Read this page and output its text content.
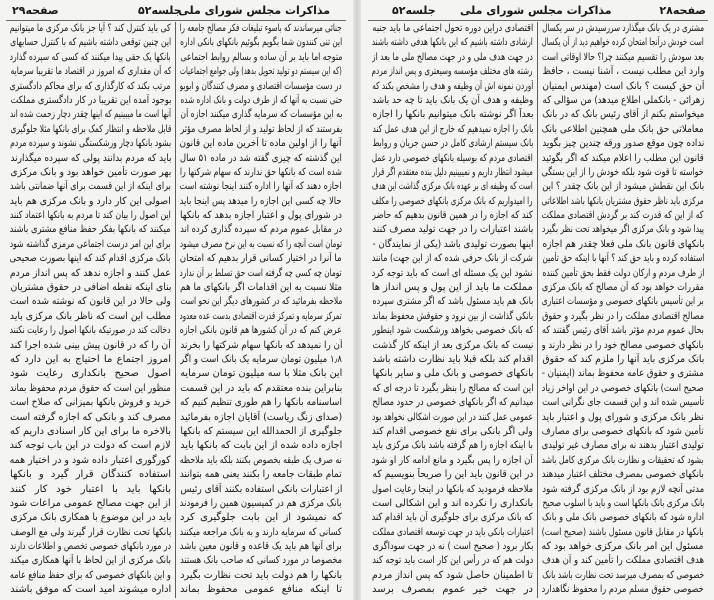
صفحه۲۹	جلسه۵۲
مذاکرات مجلس شورای ملی
جنائی میرساندند که باسوء تبلیغات فکر مصالح جامعه را
این تنی کنندون شما بگویم بگوئیم بانکهای بانکی اداره
متوجه اما باید بر آن ساده و بسالم روابط اجتماعی
(که این سیستم دو تولید تحویل بدهد) ولی جوامع اجتماعیات
در دست مؤسسات اقتصادی و مصرف کنندگان و ابوبو
حتی نسبت به آنها که از طرف دولت و بانک اداره شده
به این مؤسسات که سرمایه گذاری میکنند اجازه آن
بفرستند که از لحاظ تولید و از لحاظ مصرف مؤثر
آنها را از اولین ماده تا آخرین ماده این قانون
این گذشته که چیزی گفته شد در ماده ۵۱ سال
شده است که بانکها حق ندارند که سهام شرکتها را
اجازه دهند که آنها را اداره کنند اینجا نوشته است
حالا چه کسی این اجازه را میدهد پس اینجا باید
در شورای پول و اعتبار اجازه بدهد که بانکها
در مقابل عموم مردم که سپرده گذاری کرده اند
تومان است آنچه را که نسبت به این نرخ مصرف میشود
ما آنرا در اختیار کسانی قرار بدهیم که امتحان
تومان چه کسی چه گرفته است حق تسلط بر آن ندارد
مثلا نسبت به این اقدامات اگر بانکهای ما هم
ملاحظه بفرمائید که در کشورهای دیگر این نحو است
تمرکز سرمایه و تمرکز قدرت اقتصادی بدست عده معدود
عرض کنم که در آن کشورها هم قانون بانکی اجازه
آن را نمیدهد که بانکها سهام شرکتها را بخرند
۱٫۸ میلیون تومان سرمایه یک بانک است و اگر
این بانک مثلا با سه میلیون تومان سرمایه
بنابراین بنده معتقدم که باید در این قسمت
اساسنامه بانکها را هم طوری تنظیم کنیم که
(صدای زنگ ریاست) آقایان اجازه بفرمائید
جلوگیری از الحمدالله این سیستم که بانکها
اجازه داده شده از این بابت که بانکها باید
نه صرف یک طبقه بخصوص بکنند بلکه باید ملاحظه
تمام طبقات جامعه را بکنند یعنی همه بتوانند
از اعتبارات بانکی استفاده بکنند آقای رئیس
بانک مرکزی هم در کمیسیون همین را فرمودند
که نمیشود از این بابت جلوگیری کرد
کسانی که سرمایه دارند و به بانک مراجعه میکنند
برای آنها هم باید یک قاعده و قانون معین باشد
مخصوصا در مورد کسانی که صاحب بانک هستند
بانکها را هم دولت باید تحت نظارت بگیرد
تا اینکه منافع عمومی محفوظ بماند
کی باید کنترل کند ؟ آیا جز بانک مرکزی ما میتوانیم
این چنین توقعی داشته باشیم که با کنترل حسابهای
بانکها یک حقی پیدا میکنند که کسی که سپرده گذارد
که آن مقداری که امروز در اقتصاد ما تقریبا سرمایه
مرتب بکند که کارگذاری که برای محاکم دادگستری
بوجود آمده این تقریبا در کار دادگستری مملکت
آنها است ما میبینیم که اینها چقدر دچار زحمت شده اند
قابل ملاحظه و انتظار کمک برای بانکها مثلا جلوگیری
بشود بانکها دچار ورشکستگی نشوند و سپرده مردم
باید که مردم بدانند پولی که سپرده میگذارند
بهر صورت تأمین خواهد بود و بانک مرکزی
برای اینکه از این قسمت برای آنها ضمانتی باشد
اصولی این کار دارد و بانک مرکزی هم باید
این اصول را بیان کند تا مردم به بانکها اعتماد کنند
میکنند که بانکها بفکر حفظ منافع مشتری باشند
برای این امر درست اجتماعی مرمزی گذاشته شود
بانک مرکزی اقدام کند که اینها بصورت صحیحی
عمل کنند و اجازه ندهد که پس انداز مردم
بنای اینکه نقطه اضافی در حقوق مشتریان
ولی حالا در این قانون که نوشته شده است
مطلب این است که ناظر بانک مرکزی باید
دخالت کند در صورتیکه بانکها اصول را رعایت نکنند
آن را که در قانون پیش بینی شده اجرا کند
امروز اجتماع ما احتیاج به این دارد که
اصول صحیح بانکداری رعایت شود
منظور این است که حقوق مردم محفوظ بماند
خرید و فروش بانکها بمیزانی که صلاح است
مصرف کند و بانکی که اجازه گرفته است
بالاخره ما برای این کار اسنادی داریم که
لازم است که دولت در این باب توجه کند
کورگوری اعتبار داده شود و در اختیار همه
استفاده کنندگان قرار گیرد و بانکها
بانکها باید با اعتبار خود کار کنند
از این جهت مصالح عمومی مراعات شود
باید در این موضوع با همکاری بانک مرکزی
بانکها تحت نظارت قرار گیرند ولی مع الوصف
در مورد بانکهای خصوصی تخصص و اطلاعات دارند
بانک مرکزی از این لحاظ با آنها همکاری میکند
و این بانکهای خصوصی که برای حفظ منافع عامه
اداره میشوند امید است که موفق باشند
جلسه۵۲ مذاکرات مجلس شورای ملی	صفحه۲۸
مشتری در یک بانک میگذارد سررسیدش در سر یکسال
است خودش درآنجا امتحان کرده خواهیم دید از آن یکسال
بعد سودش را تقسیم میکنند چرا؟ حالا اوقاتی است
وارد این مطلب نیست ، آشنا نیست ، حافظ
آن حق کیست ؟ بانک است (مهندس ایمنیان
زهرائی - بانکملی اطلاع میدهد) من سؤالی که
میخواستم بکنم از آقای رئیس بانک که در بانک
معاملاتی حق بانک ملی همچنین اطلاعی بانک
نداده چون موقع صدور ورقه چندین چیز بگوید
قانون این مطلب را اعلام میکند که اگر بگوئید
خواسته تا قوت شود بلکه خودش را از این بستگی
بانک این نقطش میشود از این بانک چقدر ؟ این
مرکزی باید ناظر حقوق مشتریان بانکها باشد اطلاعاتی
که از این که قدرت کند بر گردش اقتصادی مملکت
پیدا شود و بانک مرکزی اگر میخواهد تحت نظر بگیرد
بانکهای قانون بانک ملی فعلا چقدر هم اجازه
استفاده کرده و باید حق کند ؟ آنها با اینکه حق تأمین
از طرف مردم و ارکان دولت فقط بحق تأمین کننده
مقررات خواهد بود که آن مصالح که بانک مرکزی
بر این تأسیس بانکهای خصوصی و مؤسسات اعتباری
مصالح اقتصادی مملکت را در نظر بگیرد و حقوق
بحال عموم مردم مؤثر باشد آقای رئیس گفتند که
بانکهای خصوصی مصالح خود را در نظر دارند و
بانک مرکزی باید آنها را ملزم کند که حقوق
مشتری و حقوق عامه محفوظ بماند (ایمنیان -
صحیح است) بانکهای خصوصی در این اواخر زیاد
تأسیس شده اند و این قسمت جای نگرانی است
نظر بانک مرکزی و شورای پول و اعتبار باید
تأمین شود که بانکهای خصوصی برای مصارف
تولیدی اعتبار بدهند نه برای مصارف غیر تولیدی
بشود که تحقیقات و نظارت بانک مرکزی کامل باشد
بانکهای خصوصی بمصرف مختلف اعتبار میدهند
مدتی آنچه لازم بود از بانک مرکزی گرفته شود
بانک مرکزی بانک بانکها است و باید با اسلوب صحیح
اداره شود که بانکهای خصوصی بانک ملی و بانک
بانکها در مقابل قانون مسئول باشند (صحیح است)
مسئول این امر بانک مرکزی خواهد بود که
هدف اقتصادی مملکت را تأمین کند و آن هدف
خصوصی که بمصرف میرسد تحت نظارت باشد بانک
خصوصی حقوق مسلم مردم را محفوظ نگاهدارد
اقتصادی دراین دوره تحول اجتماعی ما باید جنبه
ارشادی داشته باشیم که این بانکها هدفی داشته باشند
در جهت هدف ملی و در جهت مصالح ملی ما بعد از
رشته های مختلف مؤسسه وسیعتری و پس انداز مردم
آوردن نمونه اش آن وظیفه و هدف را مشخص بکند که
وظیفه و هدف آن یک بانک باید تا چه حد باشد
بعداً اگر نوشته بانک میتوانیم بانکها را اجازه
بانک را اجازه نمیدهیم که خارج از این هدف عمل کند
بانک سیستم ارشادی کامل در حسن جریان و روابط
اقتصادی مردم که بوسیله بانکهای خصوصی دارد عمل
میشود انتظار داریم و نمیبینیم دلیل بنده معتقدم اگر قرار
است که وظیفه ای بر عهده بانک مرکزی گذاشت این هدف
را امیدواریم که بانک مرکزی بانکهای خصوصی را مکلف
کند که اجازه را در همین قانون بدهیم که حاضر
باشند اعتبارات را در جهت تولید مصرف کنند
اینها بصورت تولیدی باشد (یکی از نمایندگان -
شرکت از بانک حرفی شده که از این جهت) مانند
نشود این یک مسئله ای است که باید توجه کرد
مملکت ما باید از این پول و پس انداز ها
بانک هم باید مسئول باشد که اگر مشتری سپرده
بانکی گذاشت از بین نرود و حقوقش محفوظ بماند
که بانک خصوصی بخواهد ورشکست شود اینطور
نیست که بانک مرکزی بعد از اینکه کار گذشت
اقدام کند بلکه قبلا باید نظارت داشته باشد
بانکهای خصوصی و بانک ملی و سایر بانکها
این است که مصالح را بنظر بگیرد تا درجه ای که
میدانیم که اگر بانکهای خصوصی در حدود مصالح
عمومی عمل کنند در این صورت اشکالی نخواهد بود
ولی اگر بانکی برای نفع خصوصی اقدام کند
با اینکه اجازه را هم گرفته باشد بانک مرکزی باید
آن اجازه را پس بگیرد و مانع ادامه کار او شود
در این قانون باید این را صریحاً بنویسیم که
ملاحظه فرمودید که بانکها در اینجا رعایت اصول
بانکداری را نکرده اند و این اشکالی است
که بانک مرکزی برای جلوگیری آن باید اقدام کند
اعتبارات بانکی باید در جهت توسعه اقتصادی مملکت
بکار برود ( صحیح است ) نه در جهت سوداگری
دولت هم که در رأس این کار است باید توجه کند
تا اطمینان حاصل شود که پس انداز مردم
در جهت خیر عموم بمصرف برسد
